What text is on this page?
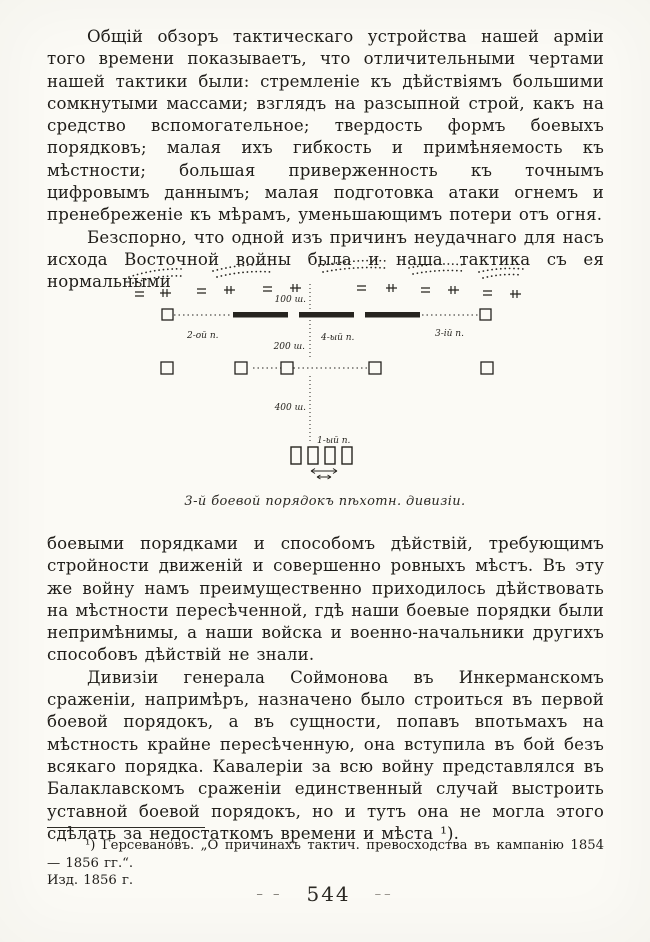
Общій обзоръ тактическаго устройства нашей арміи того времени показываетъ, что отличительными чертами нашей тактики были: стремленіе къ дѣйствіямъ большими сомкнутыми массами; взглядъ на разсыпной строй, какъ на средство вспомогательное; твердость формъ боевыхъ порядковъ; малая ихъ гибкость и примѣняемость къ мѣстности; большая приверженность къ точнымъ цифровымъ даннымъ; малая подготовка атаки огнемъ и пренебреженіе къ мѣрамъ, уменьшающимъ потери отъ огня.

Безспорно, что одной изъ причинъ неудачнаго для насъ исхода Восточной войны была и наша тактика съ ея нормальными

100 ш.
2-ой п.	4-ый п.	3-ій п.
200 ш.
400 ш.
1-ый п.
3-й боевой порядокъ пѣхотн. дивизіи.

боевыми порядками и способомъ дѣйствій, требующимъ стройности движеній и совершенно ровныхъ мѣстъ. Въ эту же войну намъ преимущественно приходилось дѣйствовать на мѣстности пересѣченной, гдѣ наши боевые порядки были непримѣнимы, а наши войска и военно-начальники другихъ способовъ дѣйствій не знали.

Дивизіи генерала Соймонова въ Инкерманскомъ сраженіи, напримѣръ, назначено было строиться въ первой боевой порядокъ, а въ сущности, попавъ впотьмахъ на мѣстность крайне пересѣченную, она вступила въ бой безъ всякаго порядка. Кавалеріи за всю войну представлялся въ Балаклавскомъ сраженіи единственный случай выстроить уставной боевой порядокъ, но и тутъ она не могла этого сдѣлать за недостаткомъ времени и мѣста ¹).

¹) Герсевановъ. „О причинахъ тактич. превосходства въ кампанію 1854 — 1856 гг.“.

Изд. 1856 г.

– – 544 ––
